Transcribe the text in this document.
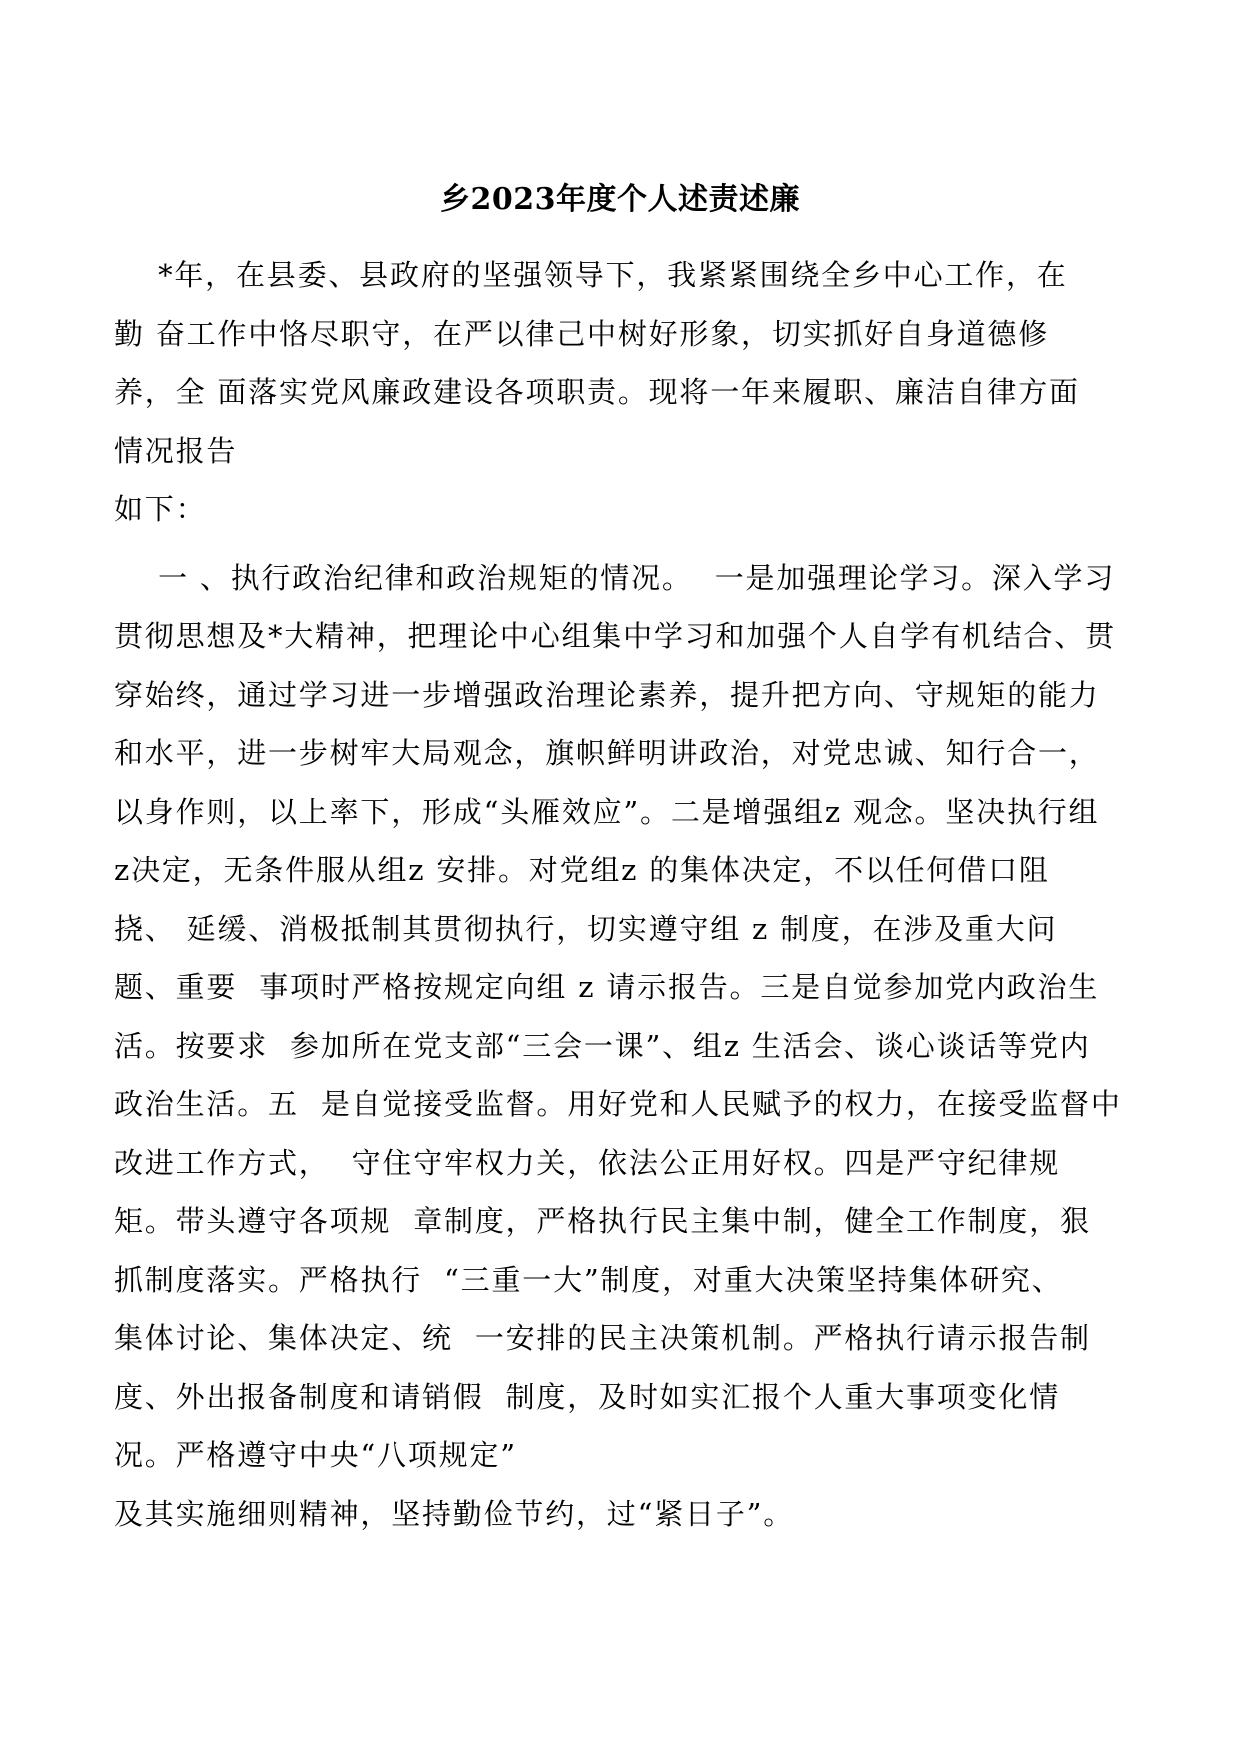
乡2023年度个人述责述廉
*年，在县委、县政府的坚强领导下，我紧紧围绕全乡中心工作，在
勤 奋工作中恪尽职守，在严以律己中树好形象，切实抓好自身道德修
养，全 面落实党风廉政建设各项职责。现将一年来履职、廉洁自律方面
情况报告
如下：
一 、执行政治纪律和政治规矩的情况。  一是加强理论学习。深入学习
贯彻思想及*大精神，把理论中心组集中学习和加强个人自学有机结合、贯
穿始终，通过学习进一步增强政治理论素养，提升把方向、守规矩的能力
和水平，进一步树牢大局观念，旗帜鲜明讲政治，对党忠诚、知行合一，
以身作则，以上率下，形成“头雁效应”。二是增强组z 观念。坚决执行组
z决定，无条件服从组z 安排。对党组z 的集体决定，不以任何借口阻
挠、 延缓、消极抵制其贯彻执行，切实遵守组 z 制度，在涉及重大问
题、重要  事项时严格按规定向组 z 请示报告。三是自觉参加党内政治生
活。按要求  参加所在党支部“三会一课”、组z 生活会、谈心谈话等党内
政治生活。五  是自觉接受监督。用好党和人民赋予的权力，在接受监督中
改进工作方式，  守住守牢权力关，依法公正用好权。四是严守纪律规
矩。带头遵守各项规  章制度，严格执行民主集中制，健全工作制度，狠
抓制度落实。严格执行  “三重一大”制度，对重大决策坚持集体研究、
集体讨论、集体决定、统  一安排的民主决策机制。严格执行请示报告制
度、外出报备制度和请销假  制度，及时如实汇报个人重大事项变化情
况。严格遵守中央“八项规定”
及其实施细则精神，坚持勤俭节约，过“紧日子”。
